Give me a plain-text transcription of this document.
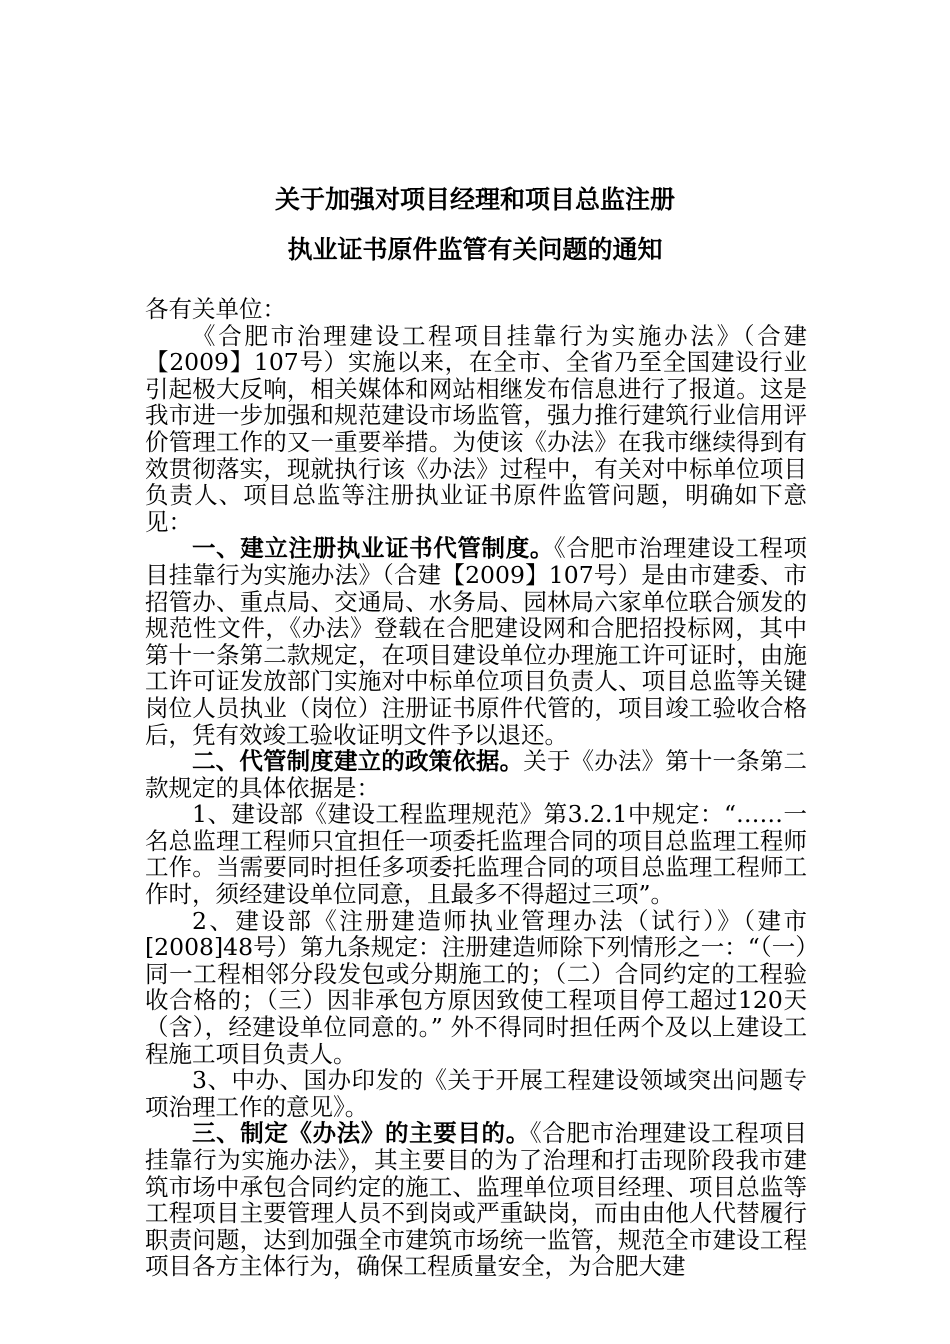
关于加强对项目经理和项目总监注册
执业证书原件监管有关问题的通知

各有关单位：

《合肥市治理建设工程项目挂靠行为实施办法》（合建【2009】107号）实施以来，在全市、全省乃至全国建设行业引起极大反响，相关媒体和网站相继发布信息进行了报道。这是我市进一步加强和规范建设市场监管，强力推行建筑行业信用评价管理工作的又一重要举措。为使该《办法》在我市继续得到有效贯彻落实，现就执行该《办法》过程中，有关对中标单位项目负责人、项目总监等注册执业证书原件监管问题，明确如下意见：

一、建立注册执业证书代管制度。《合肥市治理建设工程项目挂靠行为实施办法》（合建【2009】107号）是由市建委、市招管办、重点局、交通局、水务局、园林局六家单位联合颁发的规范性文件，《办法》登载在合肥建设网和合肥招投标网，其中第十一条第二款规定，在项目建设单位办理施工许可证时，由施工许可证发放部门实施对中标单位项目负责人、项目总监等关键岗位人员执业（岗位）注册证书原件代管的，项目竣工验收合格后，凭有效竣工验收证明文件予以退还。

二、代管制度建立的政策依据。关于《办法》第十一条第二款规定的具体依据是：

1、建设部《建设工程监理规范》第3.2.1中规定：“……一名总监理工程师只宜担任一项委托监理合同的项目总监理工程师工作。当需要同时担任多项委托监理合同的项目总监理工程师工作时，须经建设单位同意，且最多不得超过三项”。

2、建设部《注册建造师执业管理办法（试行）》（建市[2008]48号）第九条规定：注册建造师除下列情形之一：“（一）同一工程相邻分段发包或分期施工的；（二）合同约定的工程验收合格的；（三）因非承包方原因致使工程项目停工超过120天（含），经建设单位同意的。” 外不得同时担任两个及以上建设工程施工项目负责人。

3、中办、国办印发的《关于开展工程建设领域突出问题专项治理工作的意见》。

三、制定《办法》的主要目的。《合肥市治理建设工程项目挂靠行为实施办法》，其主要目的为了治理和打击现阶段我市建筑市场中承包合同约定的施工、监理单位项目经理、项目总监等工程项目主要管理人员不到岗或严重缺岗，而由由他人代替履行职责问题，达到加强全市建筑市场统一监管，规范全市建设工程项目各方主体行为，确保工程质量安全，为合肥大建
